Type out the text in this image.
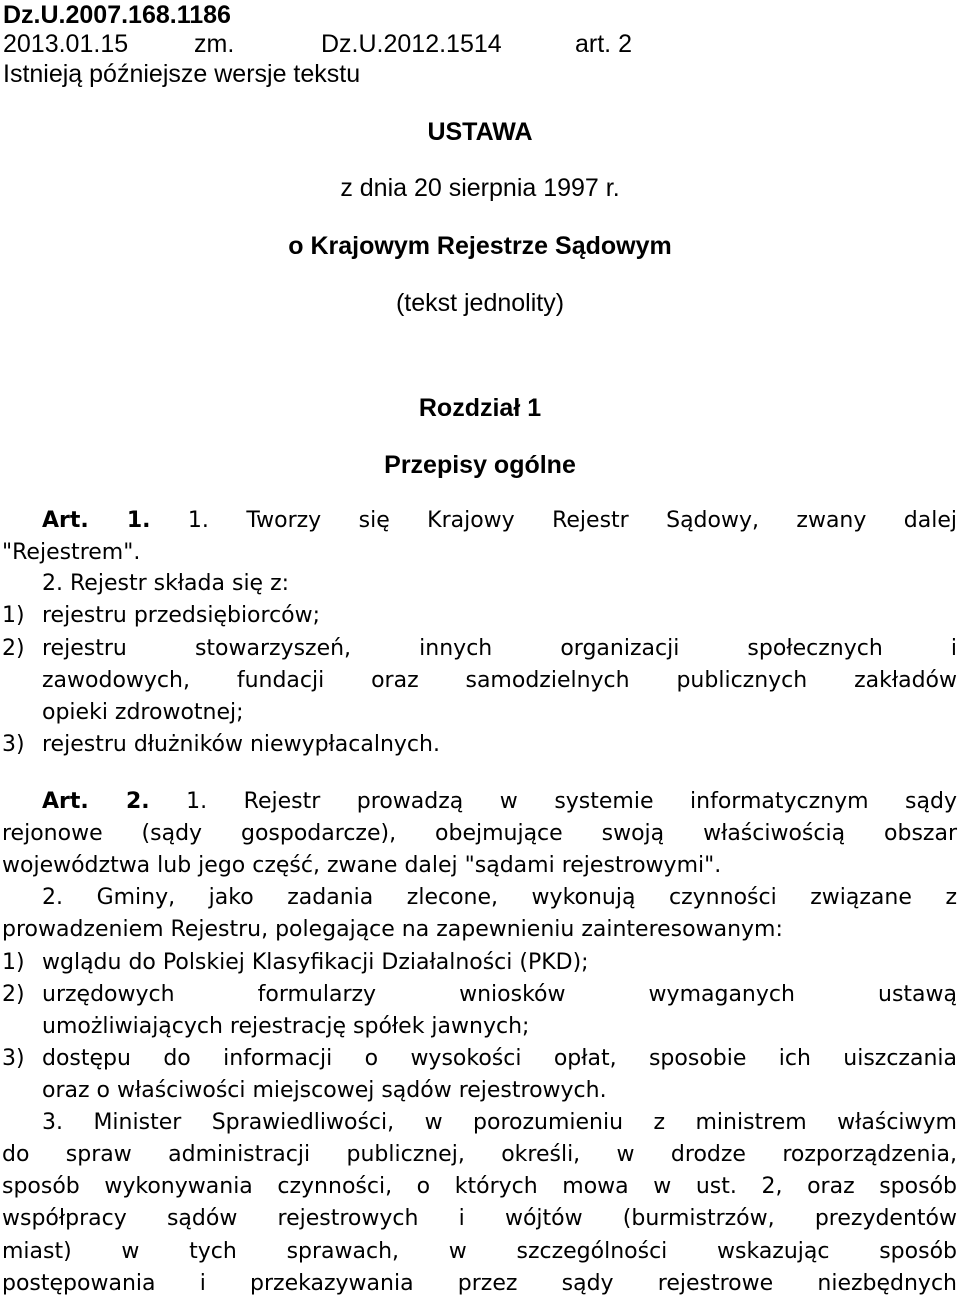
Dz.U.2007.168.1186
2013.01.15	zm.	Dz.U.2012.1514	art. 2
Istnieją późniejsze wersje tekstu
USTAWA
z dnia 20 sierpnia 1997 r.
o Krajowym Rejestrze Sądowym
(tekst jednolity)
Rozdział 1
Przepisy ogólne
Art. 1. 1. Tworzy się Krajowy Rejestr Sądowy, zwany dalej
"Rejestrem".
2. Rejestr składa się z:
1) rejestru przedsiębiorców;
2) rejestru stowarzyszeń, innych organizacji społecznych i
zawodowych, fundacji oraz samodzielnych publicznych zakładów
opieki zdrowotnej;
3) rejestru dłużników niewypłacalnych.
Art. 2. 1. Rejestr prowadzą w systemie informatycznym sądy
rejonowe (sądy gospodarcze), obejmujące swoją właściwością obszar
województwa lub jego część, zwane dalej "sądami rejestrowymi".
2. Gminy, jako zadania zlecone, wykonują czynności związane z
prowadzeniem Rejestru, polegające na zapewnieniu zainteresowanym:
1) wglądu do Polskiej Klasyfikacji Działalności (PKD);
2) urzędowych formularzy wniosków wymaganych ustawą
umożliwiających rejestrację spółek jawnych;
3) dostępu do informacji o wysokości opłat, sposobie ich uiszczania
oraz o właściwości miejscowej sądów rejestrowych.
3. Minister Sprawiedliwości, w porozumieniu z ministrem właściwym
do spraw administracji publicznej, określi, w drodze rozporządzenia,
sposób wykonywania czynności, o których mowa w ust. 2, oraz sposób
współpracy sądów rejestrowych i wójtów (burmistrzów, prezydentów
miast) w tych sprawach, w szczególności wskazując sposób
postępowania i przekazywania przez sądy rejestrowe niezbędnych
